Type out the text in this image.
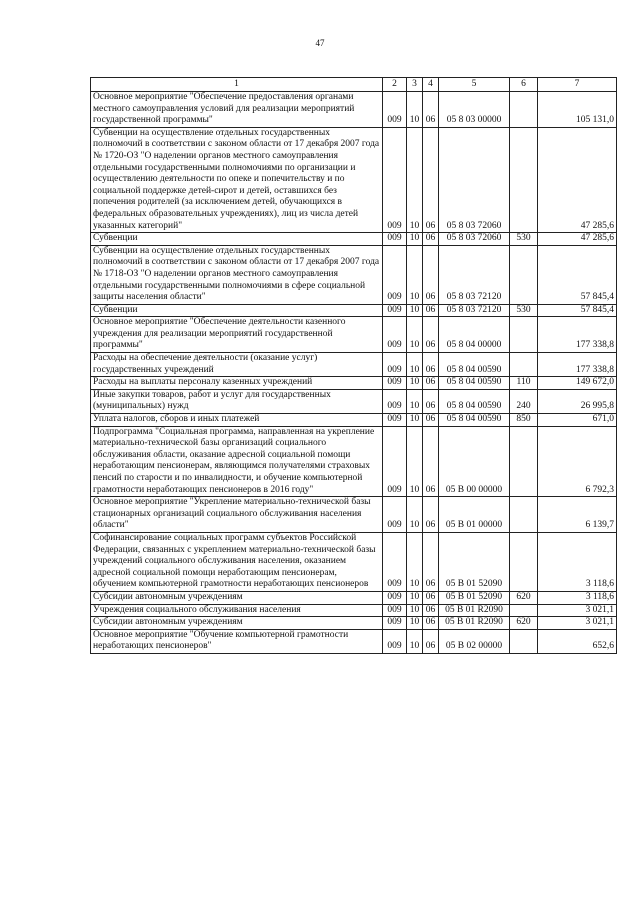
47
1	2	3	4	5	6	7
Основное мероприятие "Обеспечение предоставления органами местного самоуправления условий для реализации мероприятий государственной программы"	009	10	06	05 8 03 00000		105 131,0
Субвенции на осуществление отдельных государственных полномочий в соответствии с законом области от 17 декабря 2007 года № 1720-ОЗ "О наделении органов местного самоуправления отдельными государственными полномочиями по организации и осуществлению деятельности по опеке и попечительству и по социальной поддержке детей-сирот и детей, оставшихся без попечения родителей (за исключением детей, обучающихся в федеральных образовательных учреждениях), лиц из числа детей указанных категорий"	009	10	06	05 8 03 72060		47 285,6
Субвенции	009	10	06	05 8 03 72060	530	47 285,6
Субвенции на осуществление отдельных государственных полномочий в соответствии с законом области от 17 декабря 2007 года № 1718-ОЗ "О наделении органов местного самоуправления отдельными государственными полномочиями в сфере социальной защиты населения области"	009	10	06	05 8 03 72120		57 845,4
Субвенции	009	10	06	05 8 03 72120	530	57 845,4
Основное мероприятие "Обеспечение деятельности казенного учреждения для реализации мероприятий государственной программы"	009	10	06	05 8 04 00000		177 338,8
Расходы на обеспечение деятельности (оказание услуг) государственных учреждений	009	10	06	05 8 04 00590		177 338,8
Расходы на выплаты персоналу казенных учреждений	009	10	06	05 8 04 00590	110	149 672,0
Иные закупки товаров, работ и услуг для государственных (муниципальных) нужд	009	10	06	05 8 04 00590	240	26 995,8
Уплата налогов, сборов и иных платежей	009	10	06	05 8 04 00590	850	671,0
Подпрограмма "Социальная программа, направленная на укрепление материально-технической базы организаций социального обслуживания области, оказание адресной социальной помощи неработающим пенсионерам, являющимся получателями страховых пенсий по старости и по инвалидности, и обучение компьютерной грамотности неработающих пенсионеров в 2016 году"	009	10	06	05 В 00 00000		6 792,3
Основное мероприятие "Укрепление материально-технической базы стационарных организаций социального обслуживания населения области"	009	10	06	05 В 01 00000		6 139,7
Софинансирование социальных программ субъектов Российской Федерации, связанных с укреплением материально-технической базы учреждений социального обслуживания населения, оказанием адресной социальной помощи неработающим пенсионерам, обучением компьютерной грамотности неработающих пенсионеров	009	10	06	05 В 01 52090		3 118,6
Субсидии автономным учреждениям	009	10	06	05 В 01 52090	620	3 118,6
Учреждения социального обслуживания населения	009	10	06	05 В 01 R2090		3 021,1
Субсидии автономным учреждениям	009	10	06	05 В 01 R2090	620	3 021,1
Основное мероприятие "Обучение компьютерной грамотности неработающих пенсионеров"	009	10	06	05 В 02 00000		652,6
